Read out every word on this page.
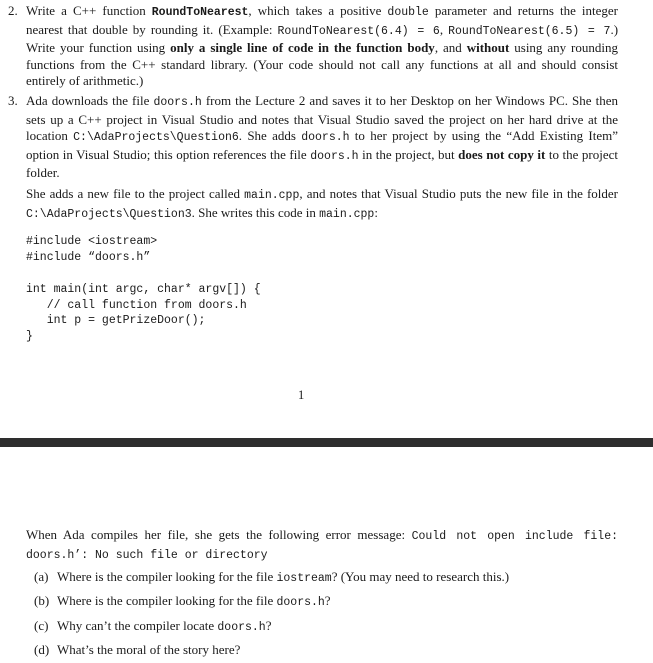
2. Write a C++ function RoundToNearest, which takes a positive double parameter and returns the integer nearest that double by rounding it. (Example: RoundToNearest(6.4) = 6, RoundToNearest(6.5) = 7.) Write your function using only a single line of code in the function body, and without using any rounding functions from the C++ standard library. (Your code should not call any functions at all and should consist entirely of arithmetic.)
3. Ada downloads the file doors.h from the Lecture 2 and saves it to her Desktop on her Windows PC. She then sets up a C++ project in Visual Studio and notes that Visual Studio saved the project on her hard drive at the location C:\AdaProjects\Question6. She adds doors.h to her project by using the “Add Existing Item” option in Visual Studio; this option references the file doors.h in the project, but does not copy it to the project folder.
She adds a new file to the project called main.cpp, and notes that Visual Studio puts the new file in the folder C:\AdaProjects\Question3. She writes this code in main.cpp:
#include <iostream>
#include “doors.h”
int main(int argc, char* argv[]) {
// call function from doors.h
int p = getPrizeDoor();
}
1
When Ada compiles her file, she gets the following error message: Could not open include file: doors.h’: No such file or directory
(a) Where is the compiler looking for the file iostream? (You may need to research this.)
(b) Where is the compiler looking for the file doors.h?
(c) Why can’t the compiler locate doors.h?
(d) What’s the moral of the story here?
